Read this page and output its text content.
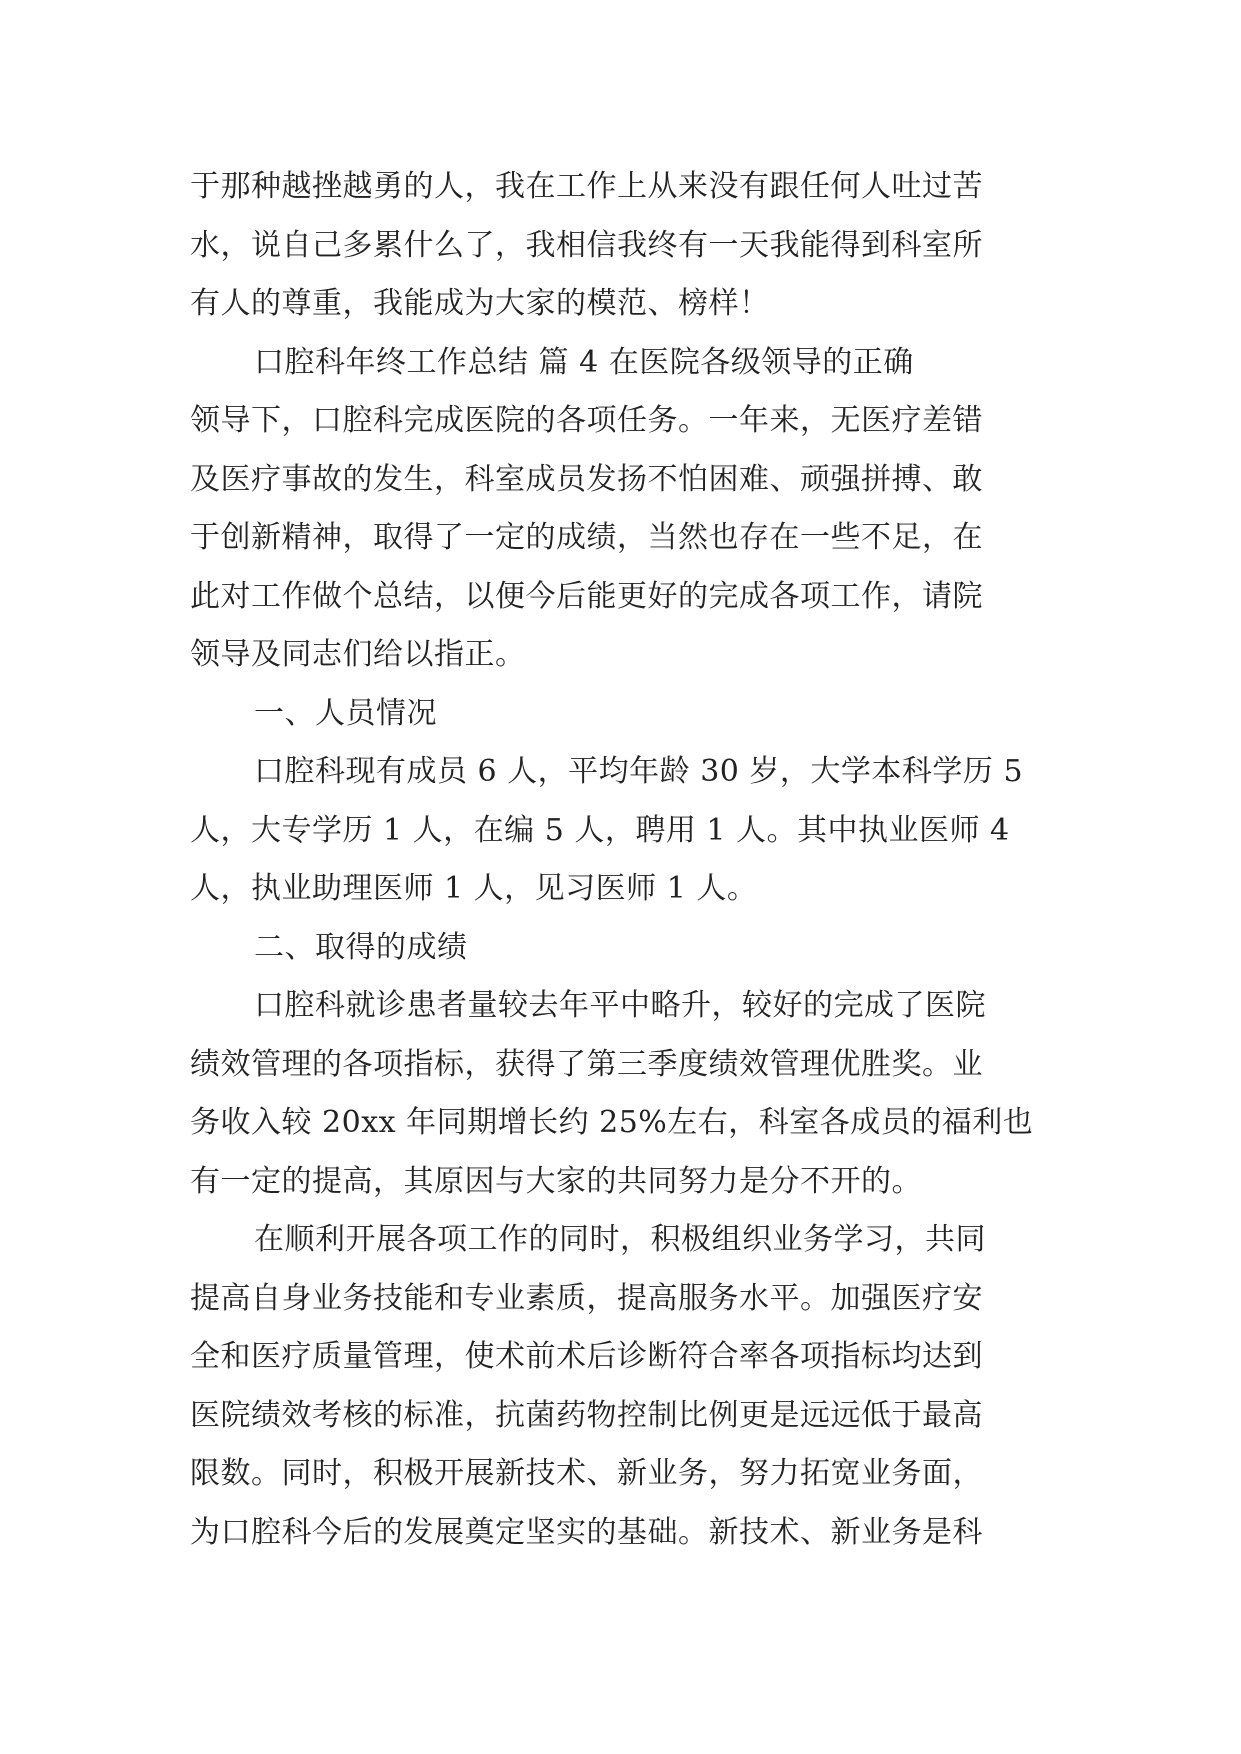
于那种越挫越勇的人，我在工作上从来没有跟任何人吐过苦
水，说自己多累什么了，我相信我终有一天我能得到科室所
有人的尊重，我能成为大家的模范、榜样！
口腔科年终工作总结 篇 4 在医院各级领导的正确
领导下，口腔科完成医院的各项任务。一年来，无医疗差错
及医疗事故的发生，科室成员发扬不怕困难、顽强拼搏、敢
于创新精神，取得了一定的成绩，当然也存在一些不足，在
此对工作做个总结，以便今后能更好的完成各项工作，请院
领导及同志们给以指正。
一、人员情况
口腔科现有成员 6 人，平均年龄 30 岁，大学本科学历 5
人，大专学历 1 人，在编 5 人，聘用 1 人。其中执业医师 4
人，执业助理医师 1 人，见习医师 1 人。
二、取得的成绩
口腔科就诊患者量较去年平中略升，较好的完成了医院
绩效管理的各项指标，获得了第三季度绩效管理优胜奖。业
务收入较 20xx 年同期增长约 25%左右，科室各成员的福利也
有一定的提高，其原因与大家的共同努力是分不开的。
在顺利开展各项工作的同时，积极组织业务学习，共同
提高自身业务技能和专业素质，提高服务水平。加强医疗安
全和医疗质量管理，使术前术后诊断符合率各项指标均达到
医院绩效考核的标准，抗菌药物控制比例更是远远低于最高
限数。同时，积极开展新技术、新业务，努力拓宽业务面，
为口腔科今后的发展奠定坚实的基础。新技术、新业务是科
